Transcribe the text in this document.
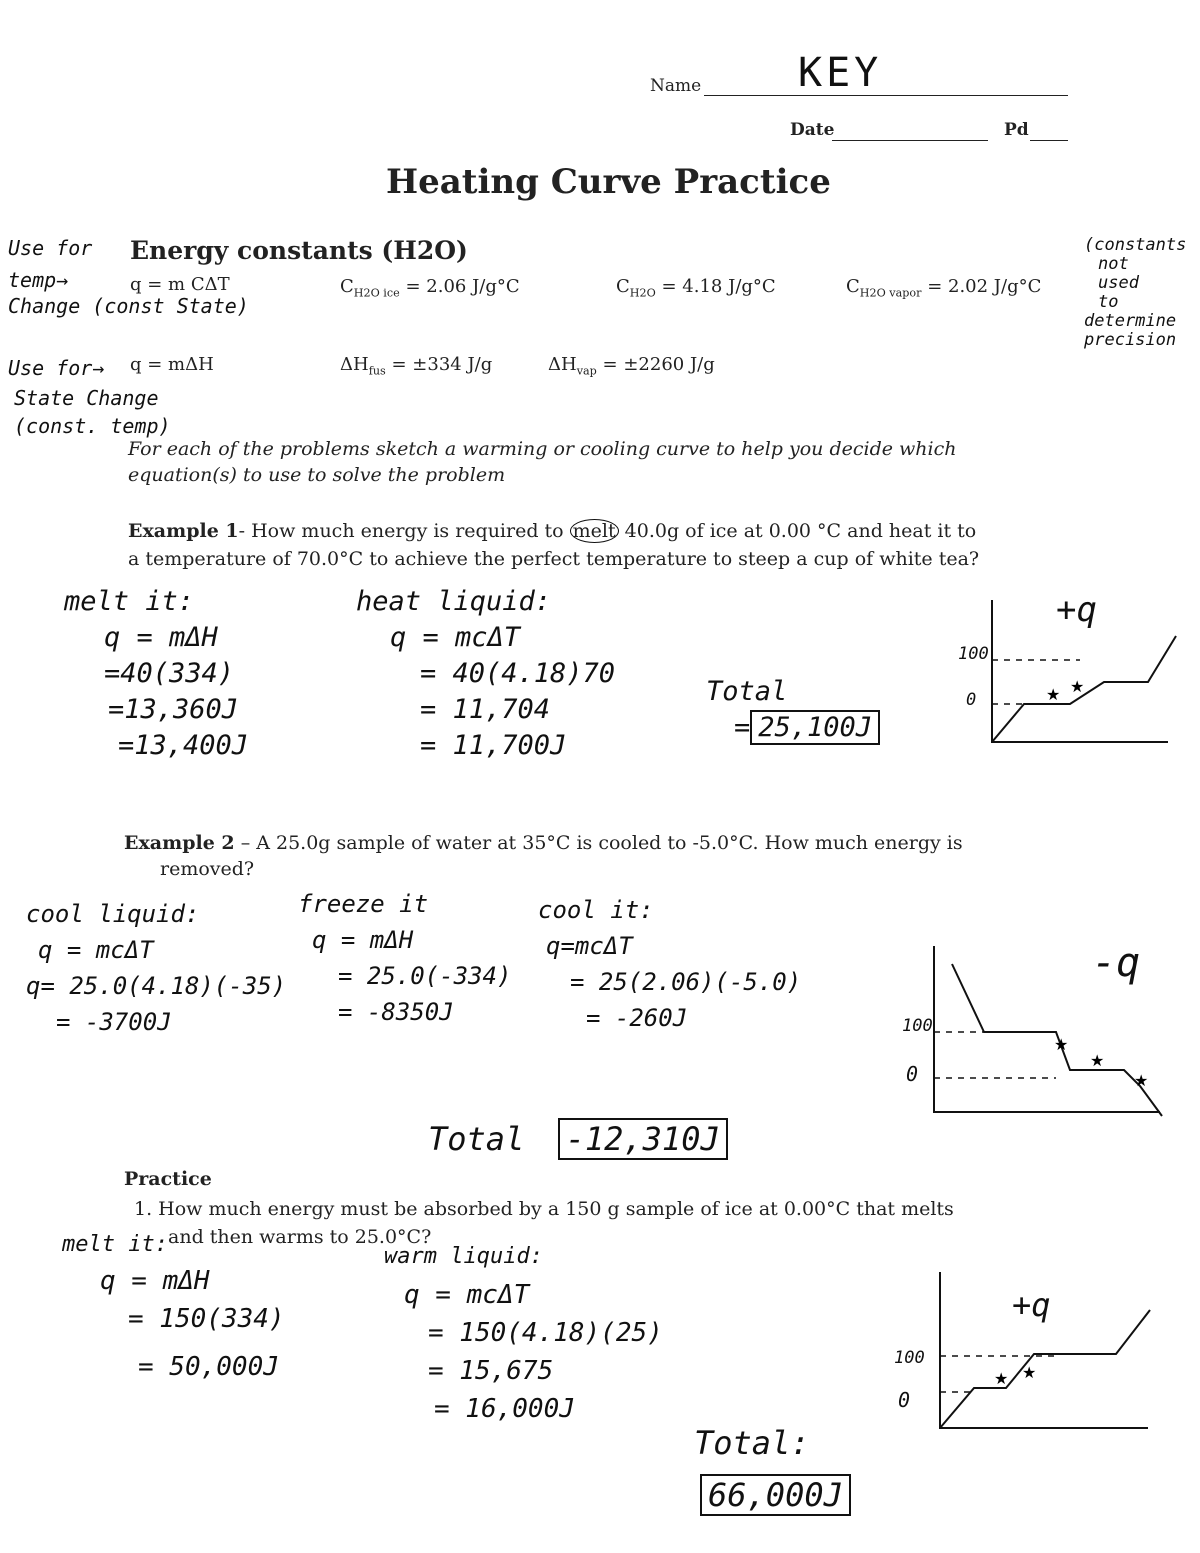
Name KEY
Date	Pd
Heating Curve Practice
Use for
temp→
Change (const State)
Energy constants (H2O)
q = m CΔT	$C_{H2O ice} = 2.06$ J/g°C	$C_{H2O} = 4.18$ J/g°C	$C_{H2O vapor} = 2.02$ J/g°C
(constants
not
used
to
determine
precision
Use for→
State Change
(const. temp)
q = mΔH	$\Delta H_{fus} = \pm 334$ J/g	$\Delta H_{vap} = \pm 2260$ J/g
For each of the problems sketch a warming or cooling curve to help you decide which
equation(s) to use to solve the problem
Example 1- How much energy is required to melt 40.0g of ice at 0.00 °C and heat it to
a temperature of 70.0°C to achieve the perfect temperature to steep a cup of white tea?
melt it:
q = mΔH
=40(334)
=13,360J
=13,400J
heat liquid:
q = mcΔT
= 40(4.18)70
= 11,704
= 11,700J
Total
= 25,100J
+q
100
0	★ ★
Example 2 – A 25.0g sample of water at 35°C is cooled to -5.0°C. How much energy is
removed?
cool liquid:
q = mcΔT
q= 25.0(4.18)(-35)
= -3700J
freeze it
q = mΔH
= 25.0(-334)
= -8350J
cool it:
q=mcΔT
= 25(2.06)(-5.0)
= -260J
Total -12,310J
-q
100
0
★
★
★
Practice
1. How much energy must be absorbed by a 150 g sample of ice at 0.00°C that melts
and then warms to 25.0°C?
melt it:
q = mΔH
= 150(334)
= 50,000J
warm liquid:
q = mcΔT
= 150(4.18)(25)
= 15,675
= 16,000J
Total:
66,000J
+q
100
0
★ ★
